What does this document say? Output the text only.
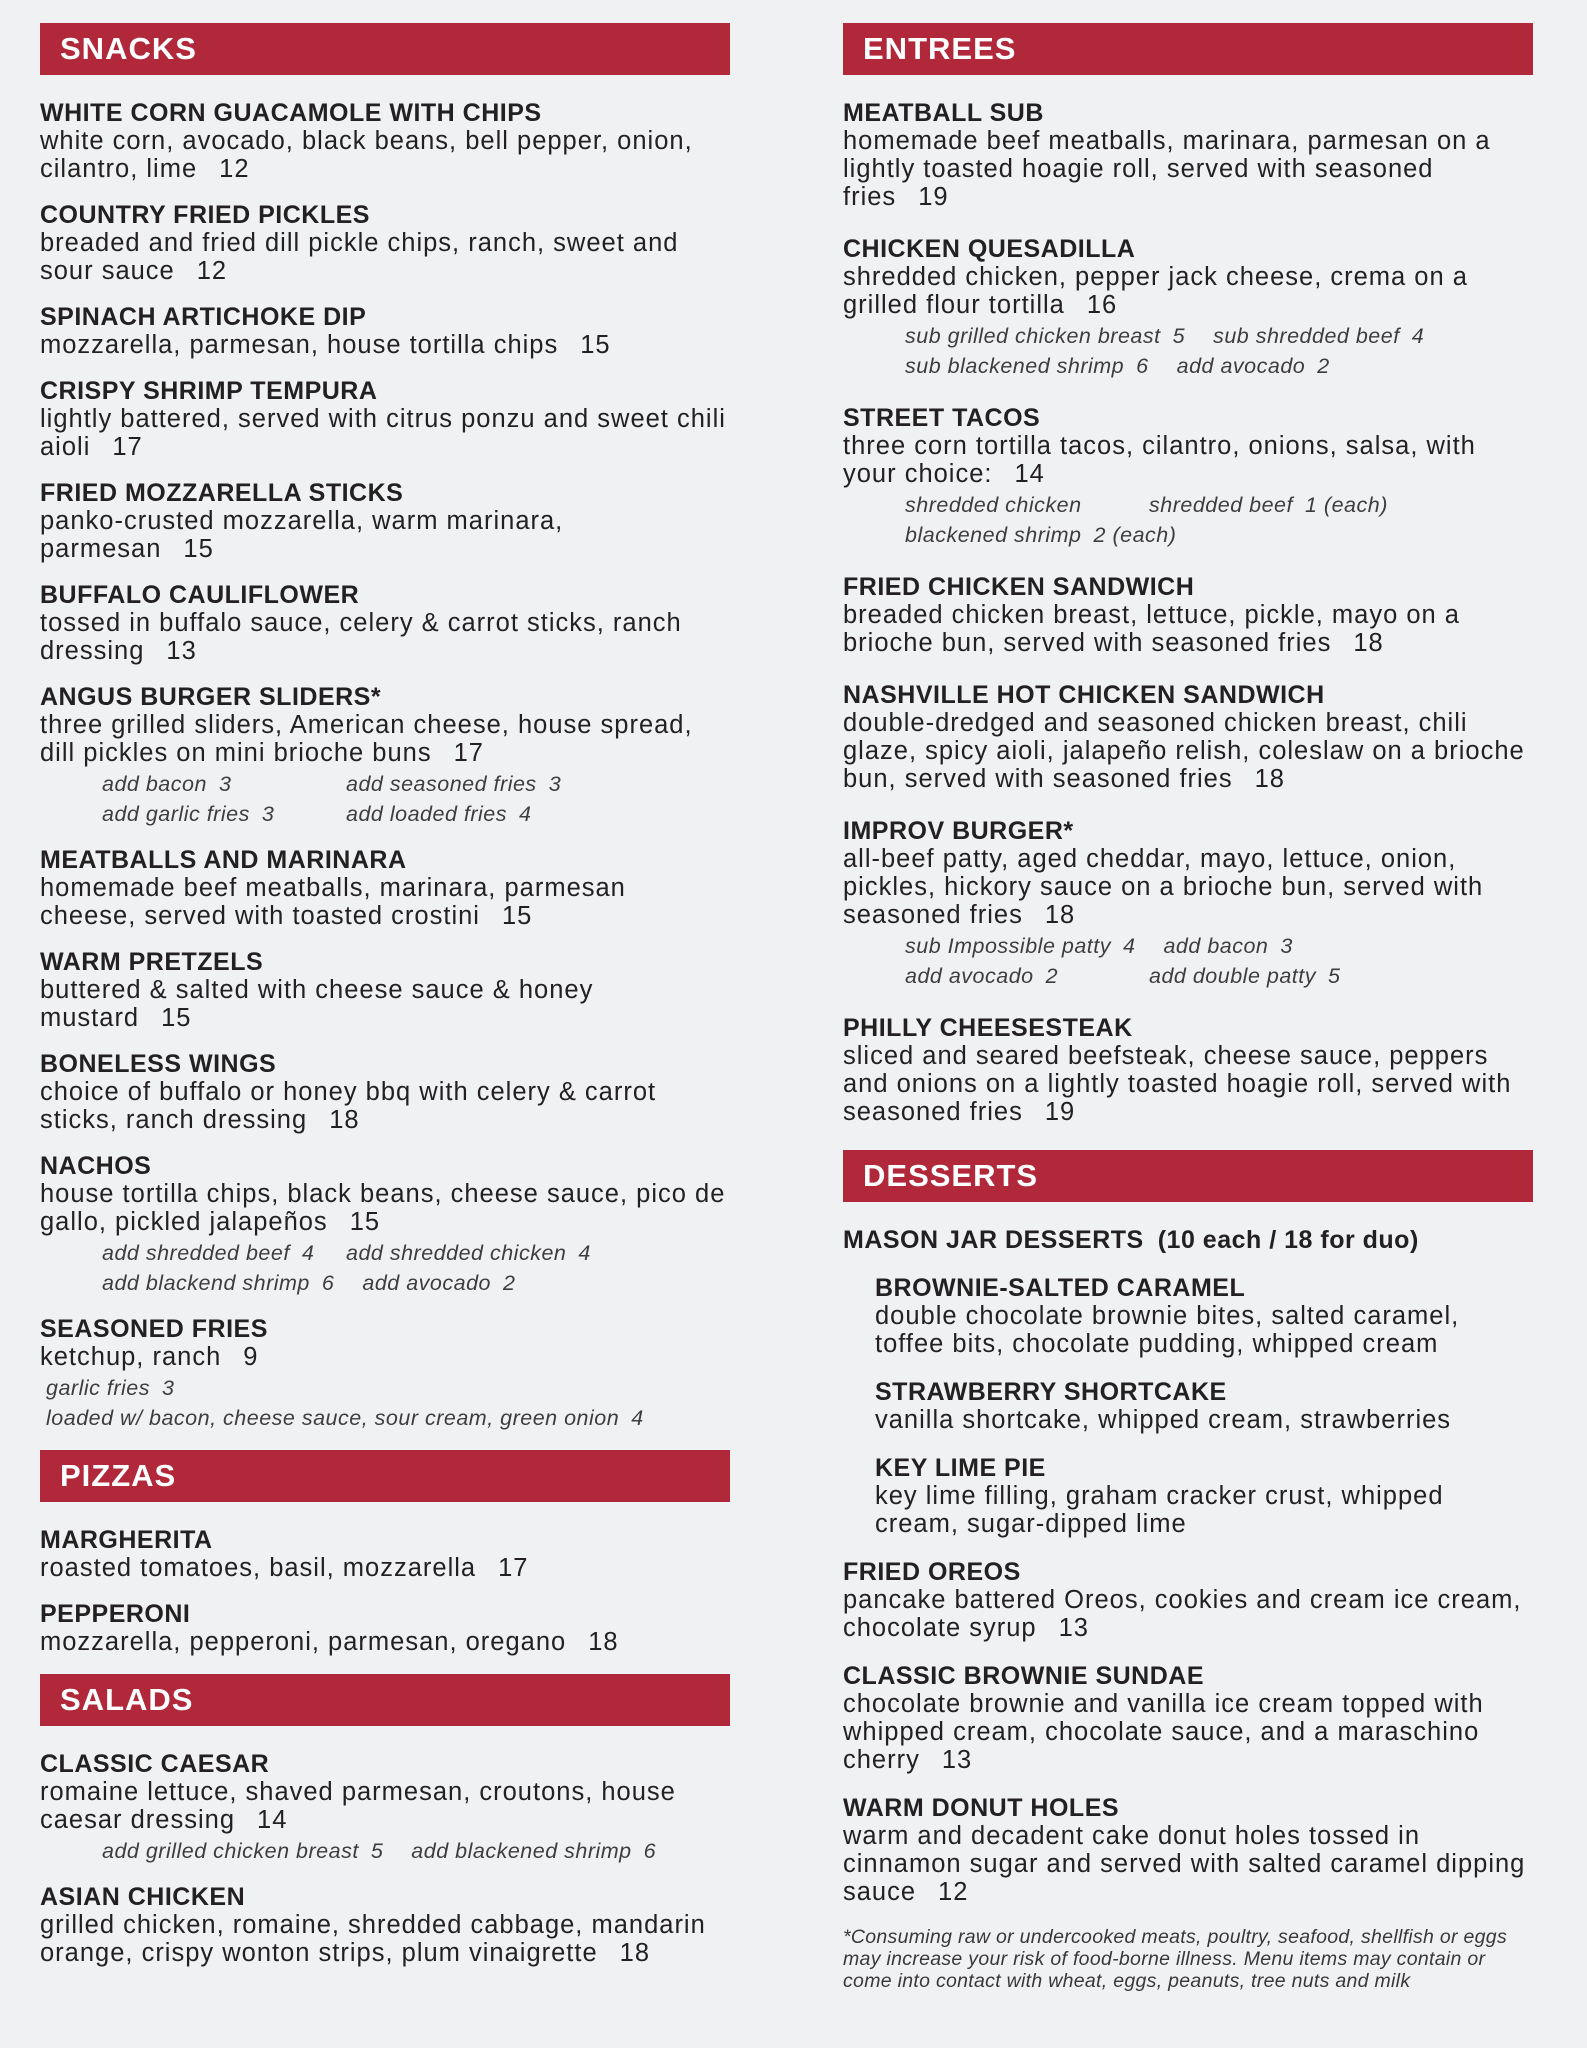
SNACKS
WHITE CORN GUACAMOLE WITH CHIPS
white corn, avocado, black beans, bell pepper, onion, cilantro, lime 12
COUNTRY FRIED PICKLES
breaded and fried dill pickle chips, ranch, sweet and sour sauce 12
SPINACH ARTICHOKE DIP
mozzarella, parmesan, house tortilla chips 15
CRISPY SHRIMP TEMPURA
lightly battered, served with citrus ponzu and sweet chili aioli 17
FRIED MOZZARELLA STICKS
panko-crusted mozzarella, warm marinara, parmesan 15
BUFFALO CAULIFLOWER
tossed in buffalo sauce, celery & carrot sticks, ranch dressing 13
ANGUS BURGER SLIDERS*
three grilled sliders, American cheese, house spread, dill pickles on mini brioche buns 17
add bacon 3	add seasoned fries 3
add garlic fries 3	add loaded fries 4
MEATBALLS AND MARINARA
homemade beef meatballs, marinara, parmesan cheese, served with toasted crostini 15
WARM PRETZELS
buttered & salted with cheese sauce & honey mustard 15
BONELESS WINGS
choice of buffalo or honey bbq with celery & carrot sticks, ranch dressing 18
NACHOS
house tortilla chips, black beans, cheese sauce, pico de gallo, pickled jalapeños 15
add shredded beef 4	add shredded chicken 4
add blackend shrimp 6	add avocado 2
SEASONED FRIES
ketchup, ranch 9
garlic fries 3
loaded w/ bacon, cheese sauce, sour cream, green onion 4
PIZZAS
MARGHERITA
roasted tomatoes, basil, mozzarella 17
PEPPERONI
mozzarella, pepperoni, parmesan, oregano 18
SALADS
CLASSIC CAESAR
romaine lettuce, shaved parmesan, croutons, house caesar dressing 14
add grilled chicken breast 5	add blackened shrimp 6
ASIAN CHICKEN
grilled chicken, romaine, shredded cabbage, mandarin orange, crispy wonton strips, plum vinaigrette 18
ENTREES
MEATBALL SUB
homemade beef meatballs, marinara, parmesan on a lightly toasted hoagie roll, served with seasoned fries 19
CHICKEN QUESADILLA
shredded chicken, pepper jack cheese, crema on a grilled flour tortilla 16
sub grilled chicken breast 5	sub shredded beef 4
sub blackened shrimp 6	add avocado 2
STREET TACOS
three corn tortilla tacos, cilantro, onions, salsa, with your choice: 14
shredded chicken	shredded beef 1 (each)
blackened shrimp 2 (each)
FRIED CHICKEN SANDWICH
breaded chicken breast, lettuce, pickle, mayo on a brioche bun, served with seasoned fries 18
NASHVILLE HOT CHICKEN SANDWICH
double-dredged and seasoned chicken breast, chili glaze, spicy aioli, jalapeño relish, coleslaw on a brioche bun, served with seasoned fries 18
IMPROV BURGER*
all-beef patty, aged cheddar, mayo, lettuce, onion, pickles, hickory sauce on a brioche bun, served with seasoned fries 18
sub Impossible patty 4	add bacon 3
add avocado 2	add double patty 5
PHILLY CHEESESTEAK
sliced and seared beefsteak, cheese sauce, peppers and onions on a lightly toasted hoagie roll, served with seasoned fries 19
DESSERTS
MASON JAR DESSERTS (10 each / 18 for duo)
BROWNIE-SALTED CARAMEL
double chocolate brownie bites, salted caramel, toffee bits, chocolate pudding, whipped cream
STRAWBERRY SHORTCAKE
vanilla shortcake, whipped cream, strawberries
KEY LIME PIE
key lime filling, graham cracker crust, whipped cream, sugar-dipped lime
FRIED OREOS
pancake battered Oreos, cookies and cream ice cream, chocolate syrup 13
CLASSIC BROWNIE SUNDAE
chocolate brownie and vanilla ice cream topped with whipped cream, chocolate sauce, and a maraschino cherry 13
WARM DONUT HOLES
warm and decadent cake donut holes tossed in cinnamon sugar and served with salted caramel dipping sauce 12
*Consuming raw or undercooked meats, poultry, seafood, shellfish or eggs may increase your risk of food-borne illness. Menu items may contain or come into contact with wheat, eggs, peanuts, tree nuts and milk
